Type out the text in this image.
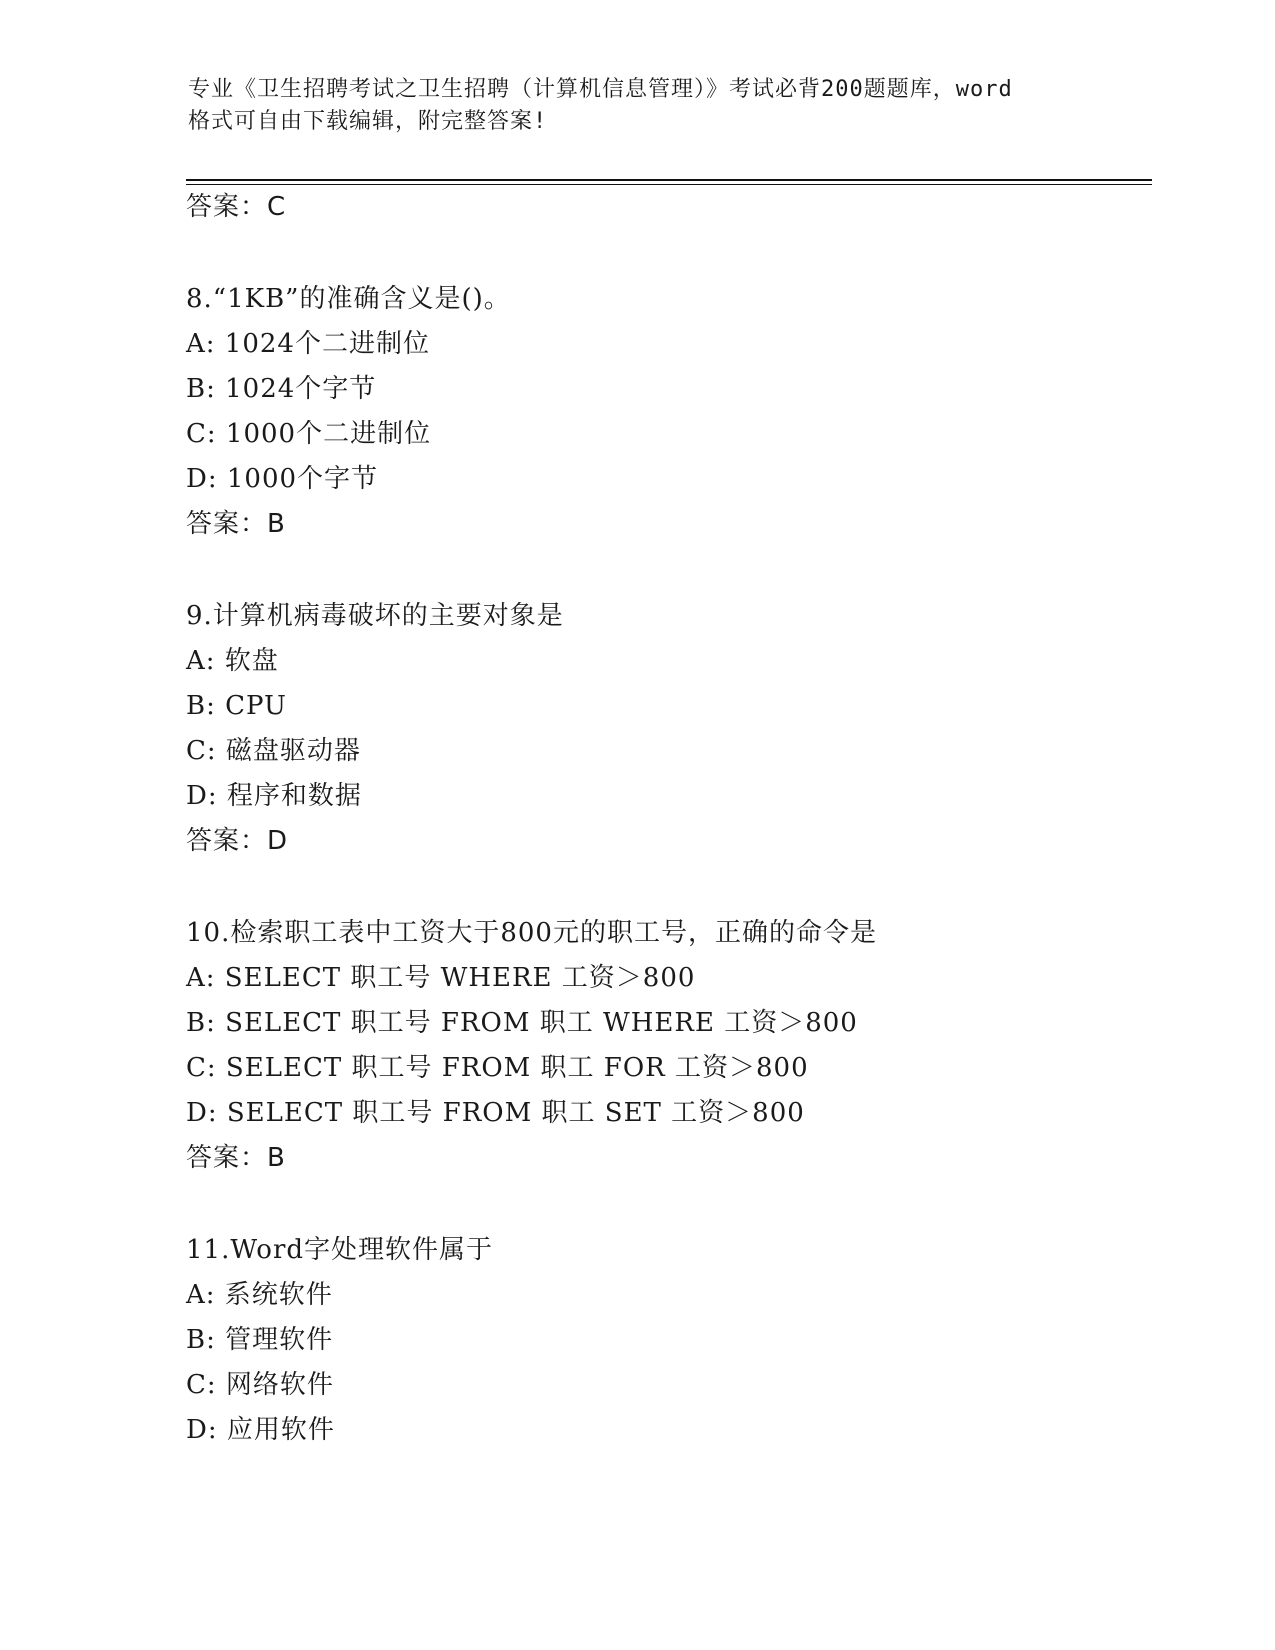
专业《卫生招聘考试之卫生招聘（计算机信息管理）》考试必背200题题库，word
格式可自由下载编辑，附完整答案!
答案：C
8.“1KB”的准确含义是()。
A: 1024个二进制位
B: 1024个字节
C: 1000个二进制位
D: 1000个字节
答案：B
9.计算机病毒破坏的主要对象是
A: 软盘
B: CPU
C: 磁盘驱动器
D: 程序和数据
答案：D
10.检索职工表中工资大于800元的职工号，正确的命令是
A: SELECT 职工号 WHERE 工资＞800
B: SELECT 职工号 FROM 职工 WHERE 工资＞800
C: SELECT 职工号 FROM 职工 FOR 工资＞800
D: SELECT 职工号 FROM 职工 SET 工资＞800
答案：B
11.Word字处理软件属于
A: 系统软件
B: 管理软件
C: 网络软件
D: 应用软件
